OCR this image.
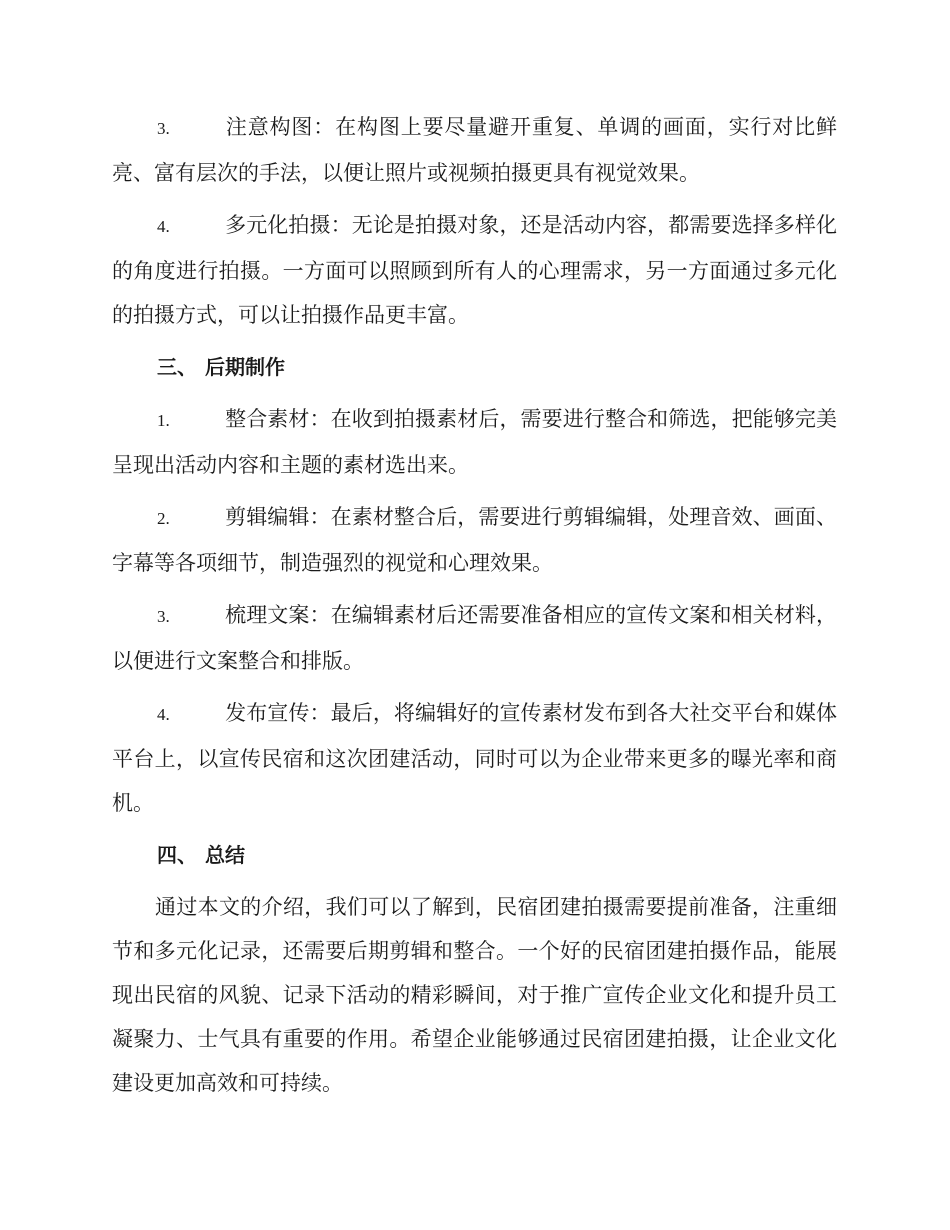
3.	注意构图：在构图上要尽量避开重复、单调的画面，实行对比鲜亮、富有层次的手法，以便让照片或视频拍摄更具有视觉效果。

4.	多元化拍摄：无论是拍摄对象，还是活动内容，都需要选择多样化的角度进行拍摄。一方面可以照顾到所有人的心理需求，另一方面通过多元化的拍摄方式，可以让拍摄作品更丰富。

三、 后期制作

1.	整合素材：在收到拍摄素材后，需要进行整合和筛选，把能够完美呈现出活动内容和主题的素材选出来。

2.	剪辑编辑：在素材整合后，需要进行剪辑编辑，处理音效、画面、字幕等各项细节，制造强烈的视觉和心理效果。

3.	梳理文案：在编辑素材后还需要准备相应的宣传文案和相关材料，以便进行文案整合和排版。

4.	发布宣传：最后，将编辑好的宣传素材发布到各大社交平台和媒体平台上，以宣传民宿和这次团建活动，同时可以为企业带来更多的曝光率和商机。

四、 总结

通过本文的介绍，我们可以了解到，民宿团建拍摄需要提前准备，注重细节和多元化记录，还需要后期剪辑和整合。一个好的民宿团建拍摄作品，能展现出民宿的风貌、记录下活动的精彩瞬间，对于推广宣传企业文化和提升员工凝聚力、士气具有重要的作用。希望企业能够通过民宿团建拍摄，让企业文化建设更加高效和可持续。
